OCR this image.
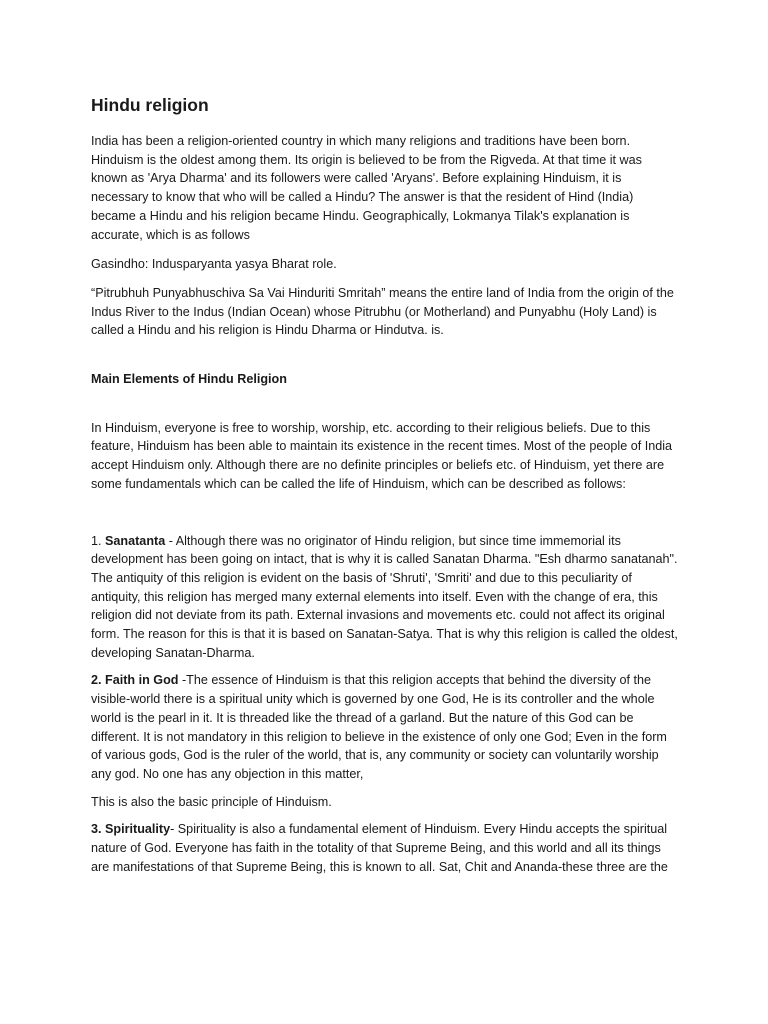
Hindu religion

India has been a religion-oriented country in which many religions and traditions have been born. Hinduism is the oldest among them. Its origin is believed to be from the Rigveda. At that time it was known as 'Arya Dharma' and its followers were called 'Aryans'. Before explaining Hinduism, it is necessary to know that who will be called a Hindu? The answer is that the resident of Hind (India) became a Hindu and his religion became Hindu. Geographically, Lokmanya Tilak's explanation is accurate, which is as follows

Gasindho: Indusparyanta yasya Bharat role.

“Pitrubhuh Punyabhuschiva Sa Vai Hinduriti Smritah” means the entire land of India from the origin of the Indus River to the Indus (Indian Ocean) whose Pitrubhu (or Motherland) and Punyabhu (Holy Land) is called a Hindu and his religion is Hindu Dharma or Hindutva. is.

Main Elements of Hindu Religion

In Hinduism, everyone is free to worship, worship, etc. according to their religious beliefs. Due to this feature, Hinduism has been able to maintain its existence in the recent times. Most of the people of India accept Hinduism only. Although there are no definite principles or beliefs etc. of Hinduism, yet there are some fundamentals which can be called the life of Hinduism, which can be described as follows:

1. Sanatanta - Although there was no originator of Hindu religion, but since time immemorial its development has been going on intact, that is why it is called Sanatan Dharma. "Esh dharmo sanatanah". The antiquity of this religion is evident on the basis of 'Shruti', 'Smriti' and due to this peculiarity of antiquity, this religion has merged many external elements into itself. Even with the change of era, this religion did not deviate from its path. External invasions and movements etc. could not affect its original form. The reason for this is that it is based on Sanatan-Satya. That is why this religion is called the oldest, developing Sanatan-Dharma.

2. Faith in God -The essence of Hinduism is that this religion accepts that behind the diversity of the visible-world there is a spiritual unity which is governed by one God, He is its controller and the whole world is the pearl in it. It is threaded like the thread of a garland. But the nature of this God can be different. It is not mandatory in this religion to believe in the existence of only one God; Even in the form of various gods, God is the ruler of the world, that is, any community or society can voluntarily worship any god. No one has any objection in this matter,

This is also the basic principle of Hinduism.

3. Spirituality- Spirituality is also a fundamental element of Hinduism. Every Hindu accepts the spiritual nature of God. Everyone has faith in the totality of that Supreme Being, and this world and all its things are manifestations of that Supreme Being, this is known to all. Sat, Chit and Ananda-these three are the
